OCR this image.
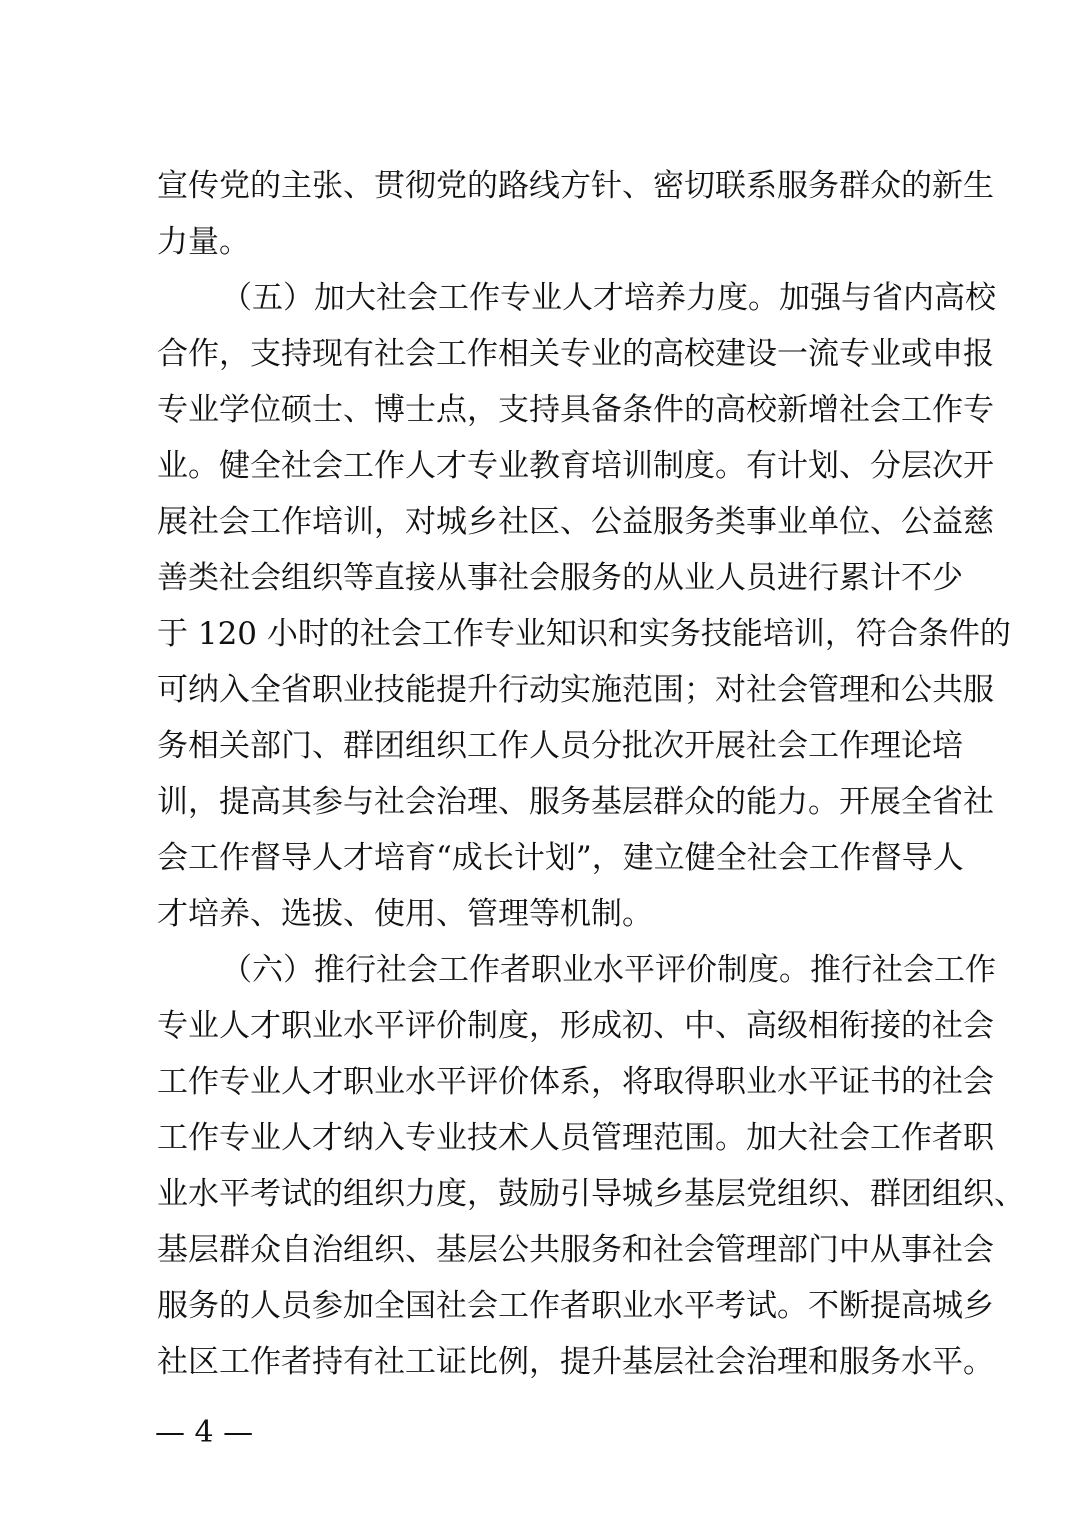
宣传党的主张、贯彻党的路线方针、密切联系服务群众的新生
力量。
（五）加大社会工作专业人才培养力度。加强与省内高校
合作，支持现有社会工作相关专业的高校建设一流专业或申报
专业学位硕士、博士点，支持具备条件的高校新增社会工作专
业。健全社会工作人才专业教育培训制度。有计划、分层次开
展社会工作培训，对城乡社区、公益服务类事业单位、公益慈
善类社会组织等直接从事社会服务的从业人员进行累计不少
于 120 小时的社会工作专业知识和实务技能培训，符合条件的
可纳入全省职业技能提升行动实施范围；对社会管理和公共服
务相关部门、群团组织工作人员分批次开展社会工作理论培
训，提高其参与社会治理、服务基层群众的能力。开展全省社
会工作督导人才培育“成长计划”，建立健全社会工作督导人
才培养、选拔、使用、管理等机制。
（六）推行社会工作者职业水平评价制度。推行社会工作
专业人才职业水平评价制度，形成初、中、高级相衔接的社会
工作专业人才职业水平评价体系，将取得职业水平证书的社会
工作专业人才纳入专业技术人员管理范围。加大社会工作者职
业水平考试的组织力度，鼓励引导城乡基层党组织、群团组织、
基层群众自治组织、基层公共服务和社会管理部门中从事社会
服务的人员参加全国社会工作者职业水平考试。不断提高城乡
社区工作者持有社工证比例，提升基层社会治理和服务水平。
— 4 —
